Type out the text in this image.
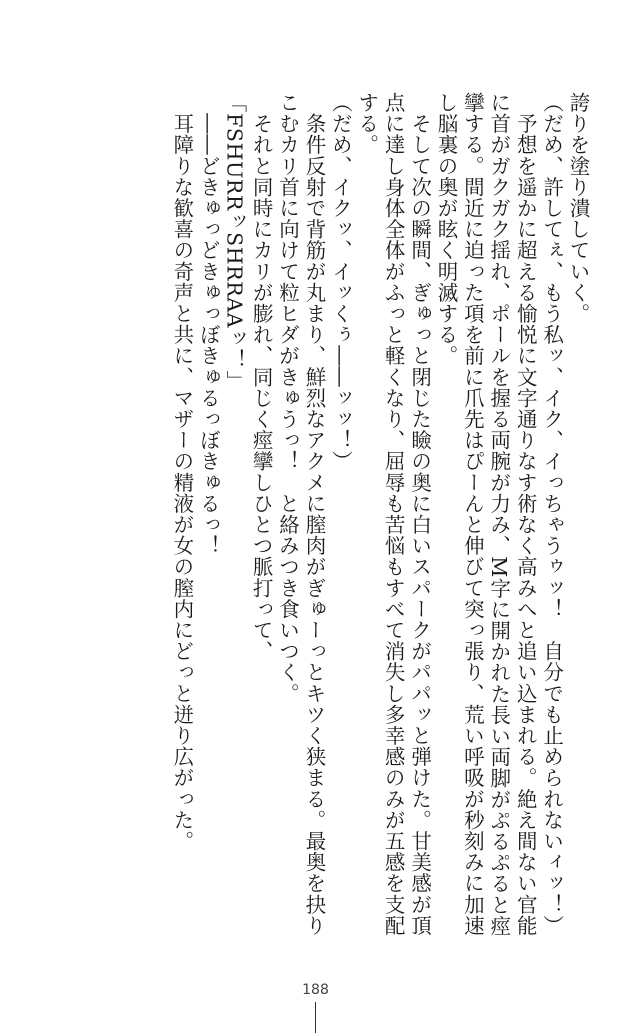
誇りを塗り潰していく。
（だめ、許してぇ、もう私ッ、イク、イっちゃうゥッ！　自分でも止められないィッ！）
　予想を遥かに超える愉悦に文字通りなす術なく高みへと追い込まれる。絶え間ない官能
に首がガクガク揺れ、ポールを握る両腕が力み、M字に開かれた長い両脚がぷるぷると痙
攣する。間近に迫った項を前に爪先はぴーんと伸びて突っ張り、荒い呼吸が秒刻みに加速
し脳裏の奥が眩く明滅する。
　そして次の瞬間、ぎゅっと閉じた瞼の奥に白いスパークがパパッと弾けた。甘美感が頂
点に達し身体全体がふっと軽くなり、屈辱も苦悩もすべて消失し多幸感のみが五感を支配
する。
（だめ、イクッ、イッくぅ――ッッ！）
　条件反射で背筋が丸まり、鮮烈なアクメに膣肉がぎゅーっとキツく狭まる。最奥を抉り
こむカリ首に向けて粒ヒダがきゅうっ！　と絡みつき食いつく。
　それと同時にカリが膨れ、同じく痙攣しひとつ脈打って、
「FSHURRッSHRRAAッ！」
　――どきゅっどきゅっぼきゅるっぼきゅるっ！
　耳障りな歓喜の奇声と共に、マザーの精液が女の膣内にどっと迸り広がった。
188
